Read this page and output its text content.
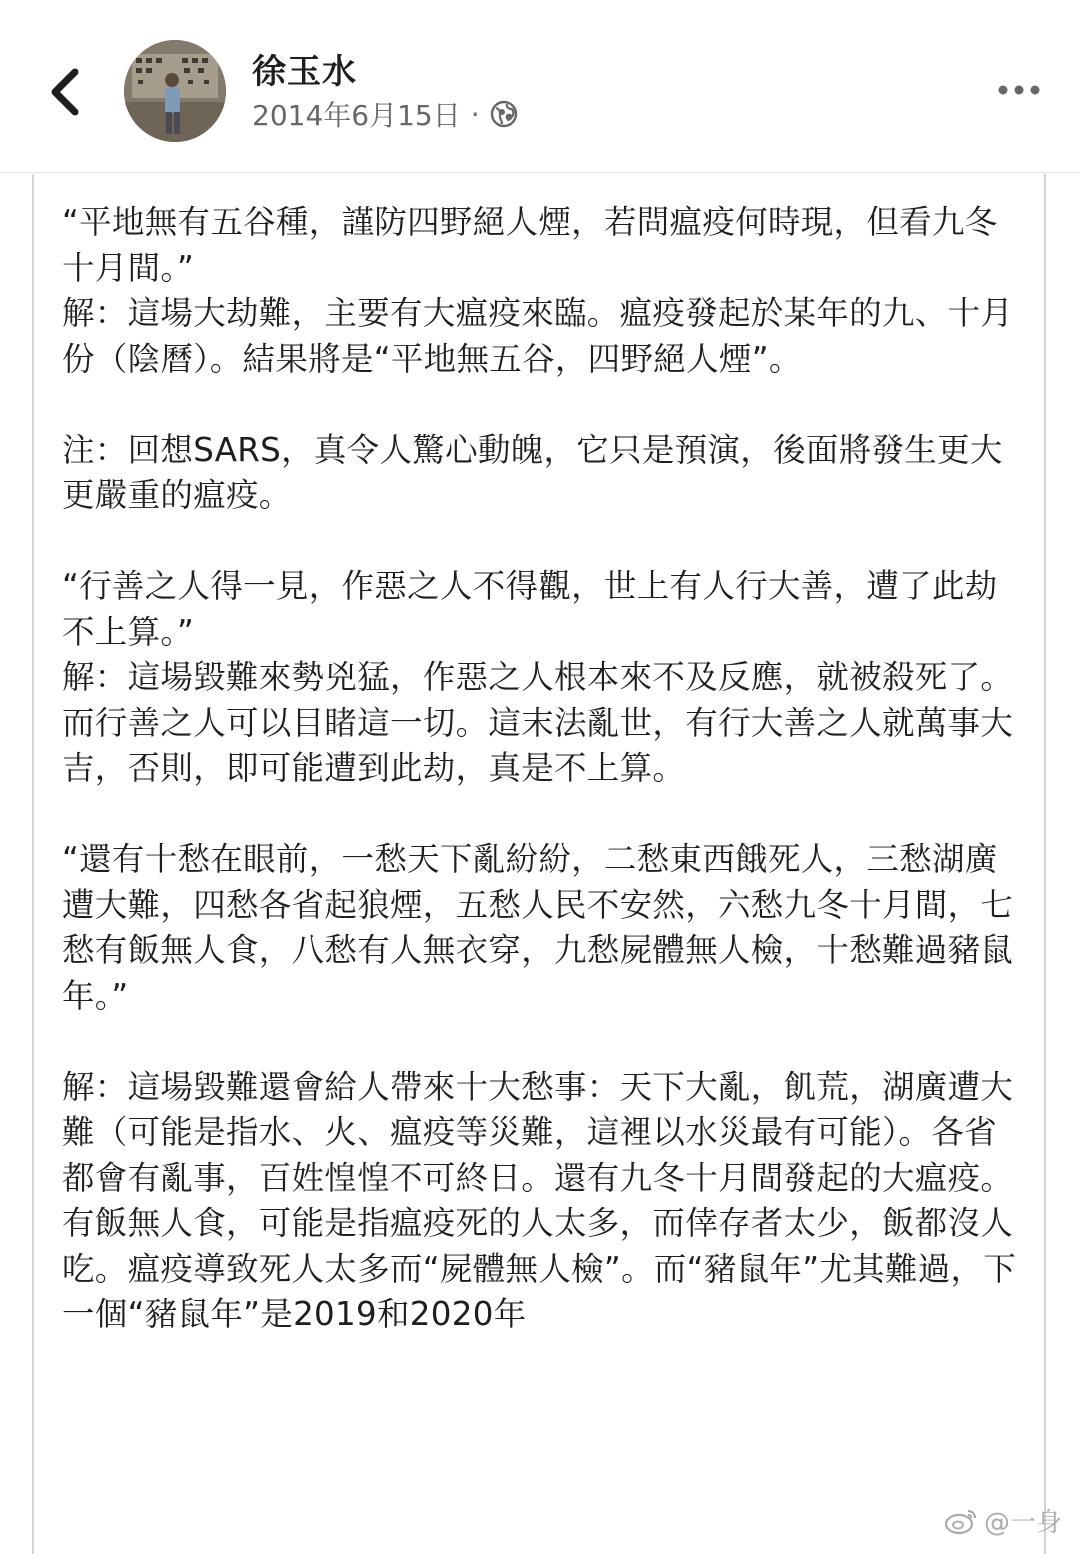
徐玉水
2014年6月15日 ·

“平地無有五谷種，謹防四野絕人煙，若問瘟疫何時現，但看九冬十月間。”

解：這場大劫難，主要有大瘟疫來臨。瘟疫發起於某年的九、十月份（陰曆）。結果將是“平地無五谷，四野絕人煙”。

注：回想SARS，真令人驚心動魄，它只是預演，後面將發生更大更嚴重的瘟疫。

“行善之人得一見，作惡之人不得觀，世上有人行大善，遭了此劫不上算。”

解：這場毀難來勢兇猛，作惡之人根本來不及反應，就被殺死了。而行善之人可以目睹這一切。這末法亂世，有行大善之人就萬事大吉，否則，即可能遭到此劫，真是不上算。

“還有十愁在眼前，一愁天下亂紛紛，二愁東西餓死人，三愁湖廣遭大難，四愁各省起狼煙，五愁人民不安然，六愁九冬十月間，七愁有飯無人食，八愁有人無衣穿，九愁屍體無人檢，十愁難過豬鼠年。”

解：這場毀難還會給人帶來十大愁事：天下大亂，飢荒，湖廣遭大難（可能是指水、火、瘟疫等災難，這裡以水災最有可能）。各省都會有亂事，百姓惶惶不可終日。還有九冬十月間發起的大瘟疫。有飯無人食，可能是指瘟疫死的人太多，而倖存者太少，飯都沒人吃。瘟疫導致死人太多而“屍體無人檢”。而“豬鼠年”尤其難過，下一個“豬鼠年”是2019和2020年

@一身
